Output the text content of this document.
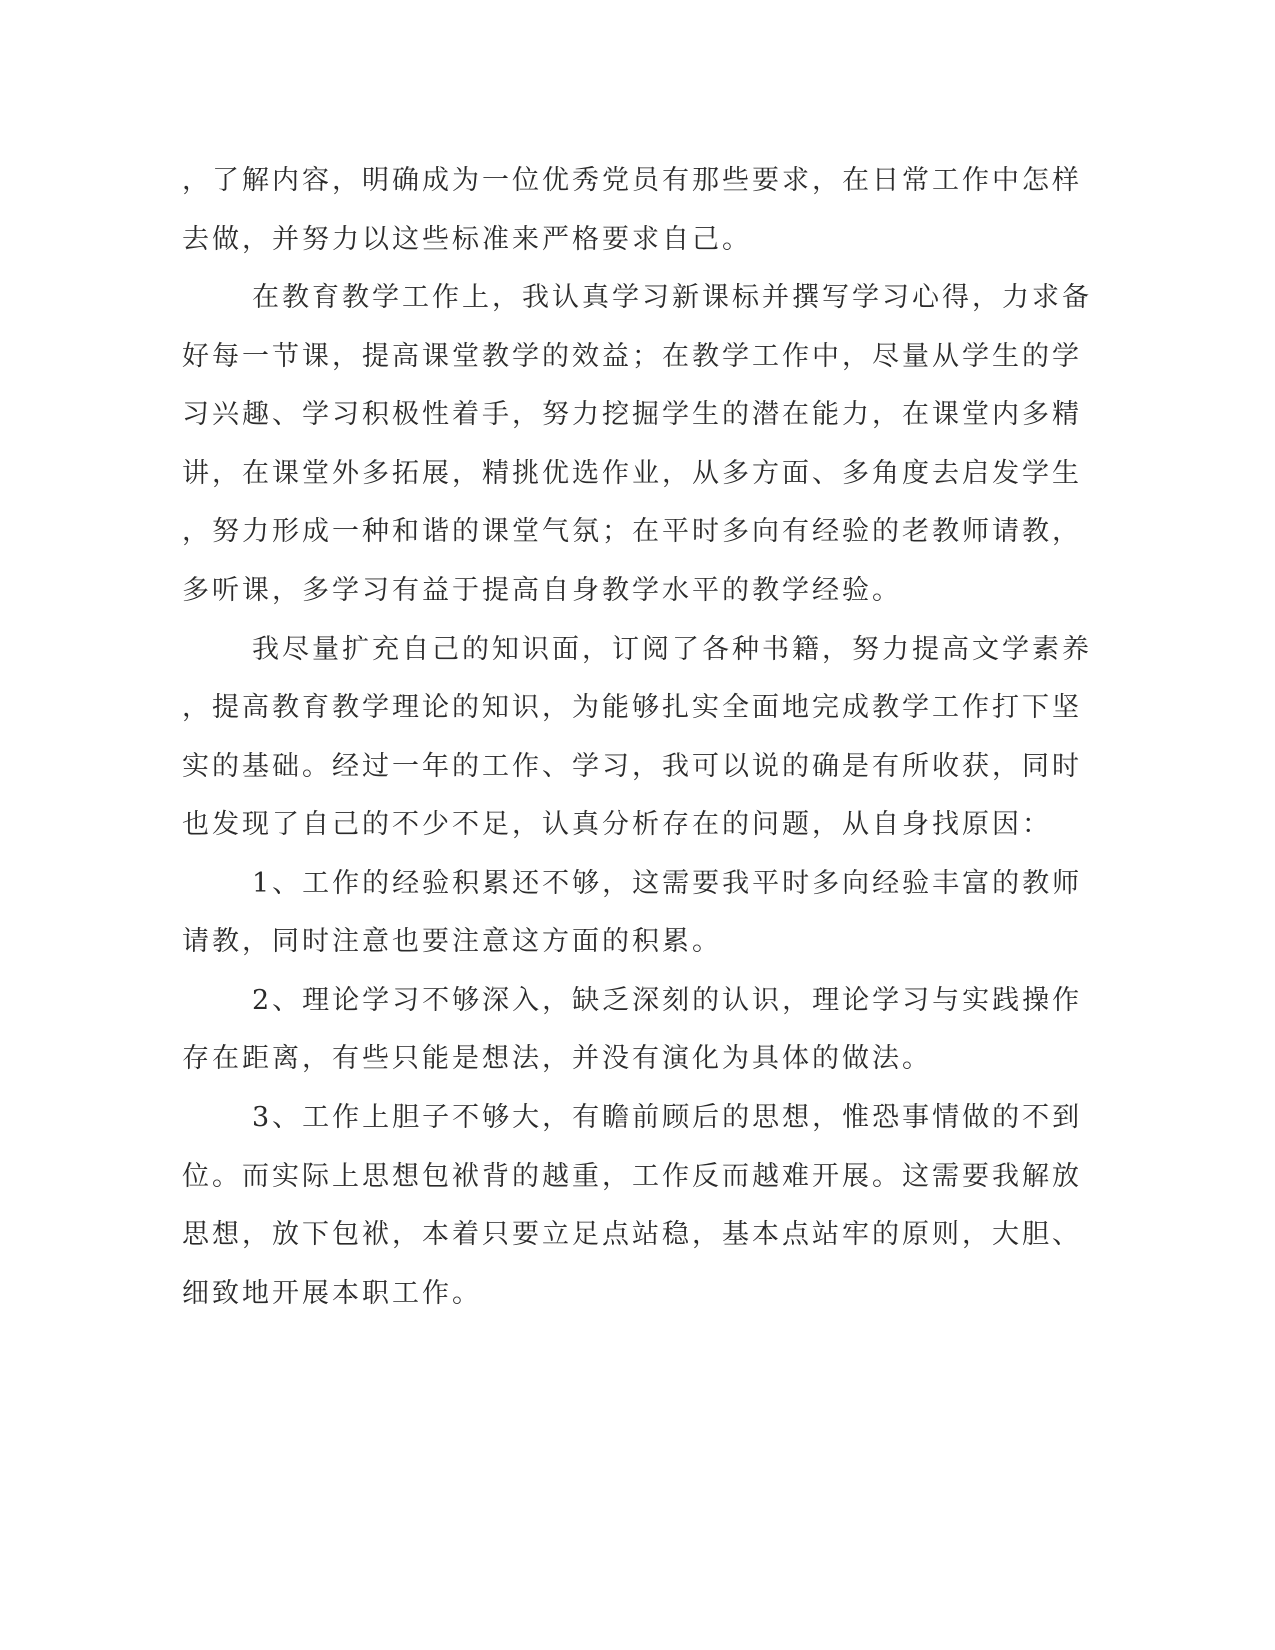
，了解内容，明确成为一位优秀党员有那些要求，在日常工作中怎样
去做，并努力以这些标准来严格要求自己。
在教育教学工作上，我认真学习新课标并撰写学习心得，力求备
好每一节课，提高课堂教学的效益；在教学工作中，尽量从学生的学
习兴趣、学习积极性着手，努力挖掘学生的潜在能力，在课堂内多精
讲，在课堂外多拓展，精挑优选作业，从多方面、多角度去启发学生
，努力形成一种和谐的课堂气氛；在平时多向有经验的老教师请教，
多听课，多学习有益于提高自身教学水平的教学经验。
我尽量扩充自己的知识面，订阅了各种书籍，努力提高文学素养
，提高教育教学理论的知识，为能够扎实全面地完成教学工作打下坚
实的基础。经过一年的工作、学习，我可以说的确是有所收获，同时
也发现了自己的不少不足，认真分析存在的问题，从自身找原因：
1、工作的经验积累还不够，这需要我平时多向经验丰富的教师
请教，同时注意也要注意这方面的积累。
2、理论学习不够深入，缺乏深刻的认识，理论学习与实践操作
存在距离，有些只能是想法，并没有演化为具体的做法。
3、工作上胆子不够大，有瞻前顾后的思想，惟恐事情做的不到
位。而实际上思想包袱背的越重，工作反而越难开展。这需要我解放
思想，放下包袱，本着只要立足点站稳，基本点站牢的原则，大胆、
细致地开展本职工作。
